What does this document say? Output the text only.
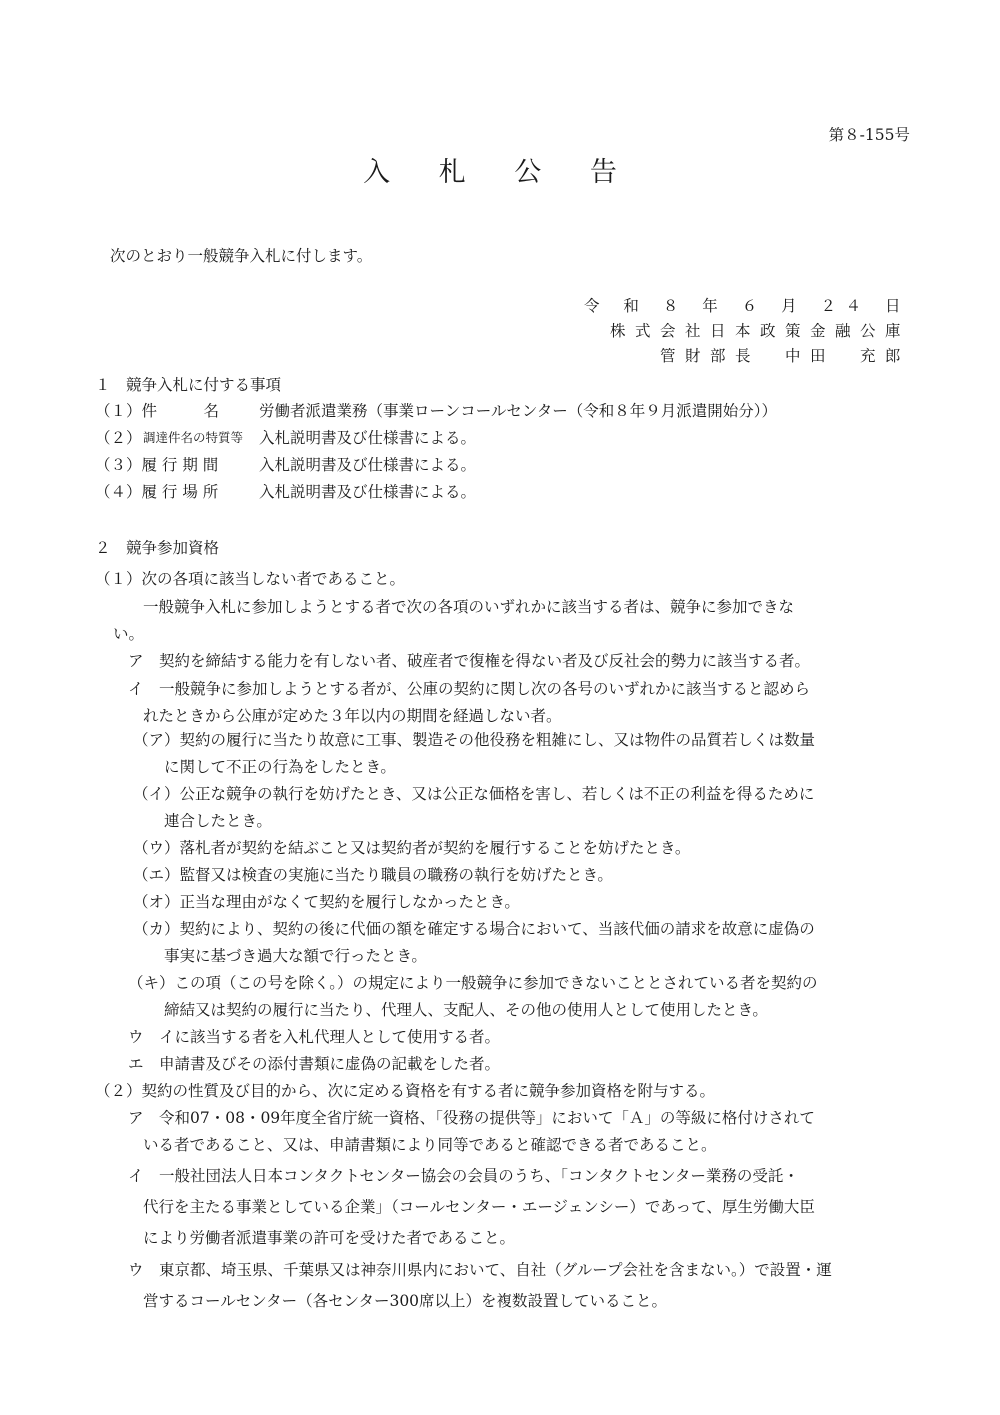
第８-155号
入 札 公 告
次のとおり一般競争入札に付します。
令 和 ８ 年 ６ 月 ２４ 日
株式会社日本政策金融公庫
管財部長　中田　充郎
１　競争入札に付する事項
（１）件　　　名	労働者派遣業務（事業ローンコールセンター（令和８年９月派遣開始分））
（２） 調達件名の特質等 入札説明書及び仕様書による。
（３）履 行 期 間	入札説明書及び仕様書による。
（４）履 行 場 所	入札説明書及び仕様書による。
２　競争参加資格
（１）次の各項に該当しない者であること。
一般競争入札に参加しようとする者で次の各項のいずれかに該当する者は、競争に参加できな
い。
ア　契約を締結する能力を有しない者、破産者で復権を得ない者及び反社会的勢力に該当する者。
イ　一般競争に参加しようとする者が、公庫の契約に関し次の各号のいずれかに該当すると認めら
れたときから公庫が定めた３年以内の期間を経過しない者。
（ア）契約の履行に当たり故意に工事、製造その他役務を粗雑にし、又は物件の品質若しくは数量
に関して不正の行為をしたとき。
（イ）公正な競争の執行を妨げたとき、又は公正な価格を害し、若しくは不正の利益を得るために
連合したとき。
（ウ）落札者が契約を結ぶこと又は契約者が契約を履行することを妨げたとき。
（エ）監督又は検査の実施に当たり職員の職務の執行を妨げたとき。
（オ）正当な理由がなくて契約を履行しなかったとき。
（カ）契約により、契約の後に代価の額を確定する場合において、当該代価の請求を故意に虚偽の
事実に基づき過大な額で行ったとき。
（キ）この項（この号を除く。）の規定により一般競争に参加できないこととされている者を契約の
締結又は契約の履行に当たり、代理人、支配人、その他の使用人として使用したとき。
ウ　イに該当する者を入札代理人として使用する者。
エ　申請書及びその添付書類に虚偽の記載をした者。
（２）契約の性質及び目的から、次に定める資格を有する者に競争参加資格を附与する。
ア　令和07・08・09年度全省庁統一資格、「役務の提供等」において「Ａ」の等級に格付けされて
いる者であること、又は、申請書類により同等であると確認できる者であること。
イ　一般社団法人日本コンタクトセンター協会の会員のうち、「コンタクトセンター業務の受託・
代行を主たる事業としている企業」（コールセンター・エージェンシー）であって、厚生労働大臣
により労働者派遣事業の許可を受けた者であること。
ウ　東京都、埼玉県、千葉県又は神奈川県内において、自社（グループ会社を含まない。）で設置・運
営するコールセンター（各センター300席以上）を複数設置していること。
